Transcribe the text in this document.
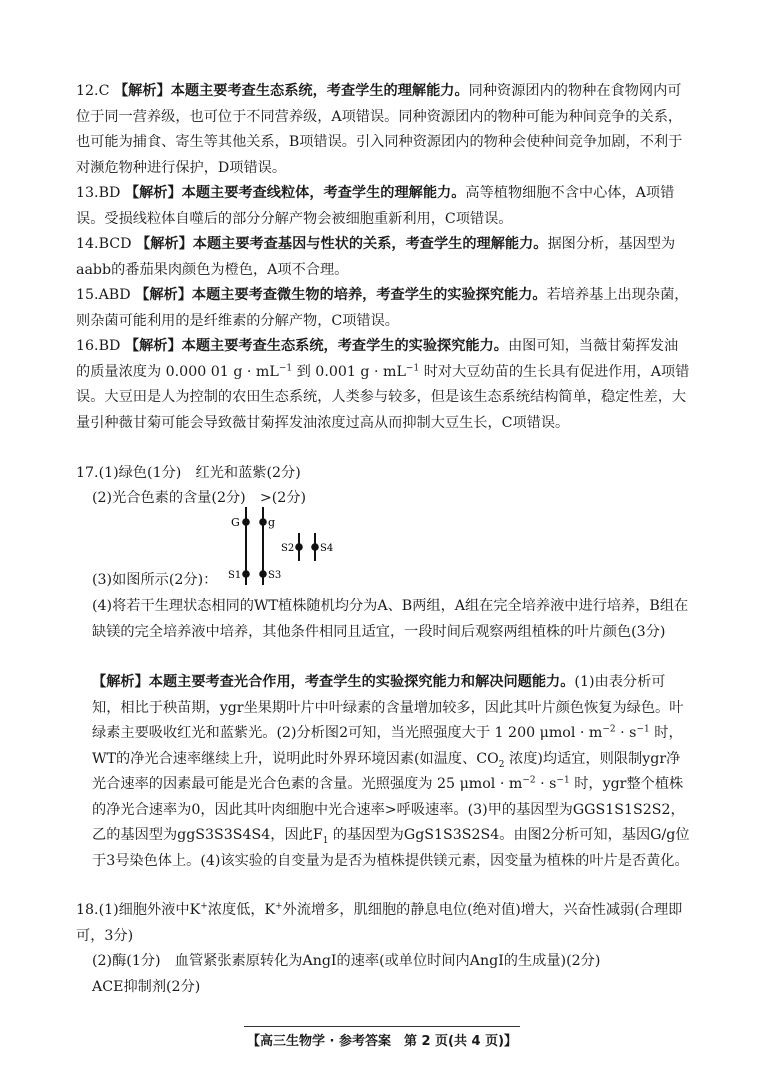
12.C 【解析】本题主要考查生态系统，考查学生的理解能力。同种资源团内的物种在食物网内可位于同一营养级，也可位于不同营养级，A项错误。同种资源团内的物种可能为种间竞争的关系，也可能为捕食、寄生等其他关系，B项错误。引入同种资源团内的物种会使种间竞争加剧，不利于对濒危物种进行保护，D项错误。

13.BD 【解析】本题主要考查线粒体，考查学生的理解能力。高等植物细胞不含中心体，A项错误。受损线粒体自噬后的部分分解产物会被细胞重新利用，C项错误。

14.BCD 【解析】本题主要考查基因与性状的关系，考查学生的理解能力。据图分析，基因型为aabb的番茄果肉颜色为橙色，A项不合理。

15.ABD 【解析】本题主要考查微生物的培养，考查学生的实验探究能力。若培养基上出现杂菌，则杂菌可能利用的是纤维素的分解产物，C项错误。

16.BD 【解析】本题主要考查生态系统，考查学生的实验探究能力。由图可知，当薇甘菊挥发油的质量浓度为 0.000 01 $g \cdot mL^{-1}$ 到 0.001 $g \cdot mL^{-1}$ 时对大豆幼苗的生长具有促进作用，A项错误。大豆田是人为控制的农田生态系统，人类参与较多，但是该生态系统结构简单，稳定性差，大量引种薇甘菊可能会导致薇甘菊挥发油浓度过高从而抑制大豆生长，C项错误。

17.(1)绿色(1分)　红光和蓝紫(2分)

(2)光合色素的含量(2分)　>(2分)

G	g
S2	S4
S1	S3

(3)如图所示(2分)：

(4)将若干生理状态相同的WT植株随机均分为A、B两组，A组在完全培养液中进行培养，B组在缺镁的完全培养液中培养，其他条件相同且适宜，一段时间后观察两组植株的叶片颜色(3分)

【解析】本题主要考查光合作用，考查学生的实验探究能力和解决问题能力。(1)由表分析可知，相比于秧苗期，ygr坐果期叶片中叶绿素的含量增加较多，因此其叶片颜色恢复为绿色。叶绿素主要吸收红光和蓝紫光。(2)分析图2可知，当光照强度大于 1 200 $\mu mol \cdot m^{-2} \cdot s^{-1}$ 时，WT的净光合速率继续上升，说明此时外界环境因素(如温度、$CO_2$ 浓度)均适宜，则限制ygr净光合速率的因素最可能是光合色素的含量。光照强度为 25 $\mu mol \cdot m^{-2} \cdot s^{-1}$ 时，ygr整个植株的净光合速率为0，因此其叶肉细胞中光合速率>呼吸速率。(3)甲的基因型为GGS1S1S2S2，乙的基因型为ggS3S3S4S4，因此$F_1$ 的基因型为GgS1S3S2S4。由图2分析可知，基因G/g位于3号染色体上。(4)该实验的自变量为是否为植株提供镁元素，因变量为植株的叶片是否黄化。

18.(1)细胞外液中K+浓度低，K+外流增多，肌细胞的静息电位(绝对值)增大，兴奋性减弱(合理即可，3分)

(2)酶(1分)　血管紧张素原转化为AngⅠ的速率(或单位时间内AngⅠ的生成量)(2分)

ACE抑制剂(2分)

【高三生物学 · 参考答案　第 2 页(共 4 页)】
